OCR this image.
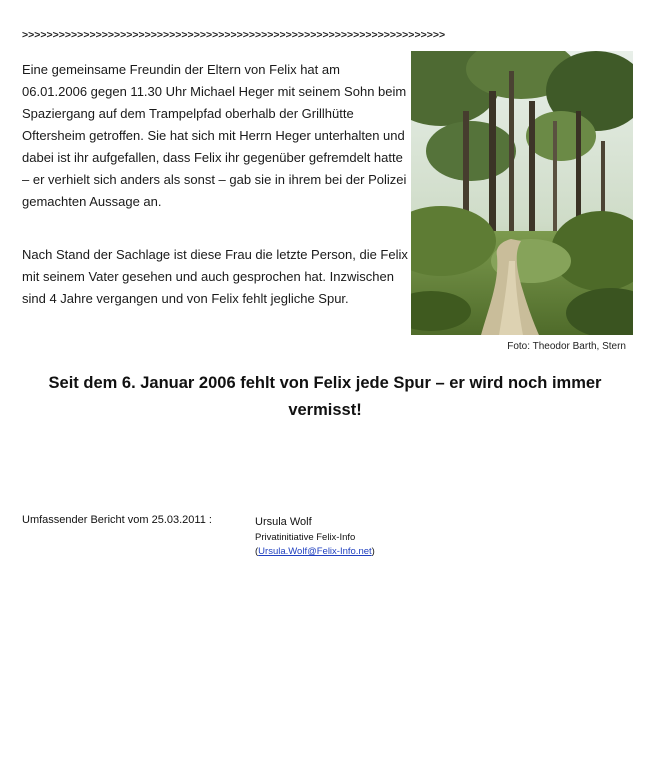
>>>>>>>>>>>>>>>>>>>>>>>>>>>>>>>>>>>>>>>>>>>>>>>>>>>>>>>>>>>>>>>>>>>>>

Eine gemeinsame Freundin der Eltern von Felix hat am 06.01.2006 gegen 11.30 Uhr Michael Heger mit seinem Sohn beim Spaziergang auf dem Trampelpfad oberhalb der Grillhütte Oftersheim getroffen. Sie hat sich mit Herrn Heger unterhalten und dabei ist ihr aufgefallen, dass Felix ihr gegenüber gefremdelt hatte – er verhielt sich anders als sonst – gab sie in ihrem bei der Polizei gemachten Aussage an.

Nach Stand der Sachlage ist diese Frau die letzte Person, die Felix mit seinem Vater gesehen und auch gesprochen hat. Inzwischen sind 4 Jahre vergangen und von Felix fehlt jegliche Spur.

Foto: Theodor Barth, Stern
Seit dem 6. Januar 2006 fehlt von Felix jede Spur – er wird noch immer vermisst!
Umfassender Bericht vom 25.03.2011 :	Ursula Wolf
Privatinitiative Felix-Info
(Ursula.Wolf@Felix-Info.net)
